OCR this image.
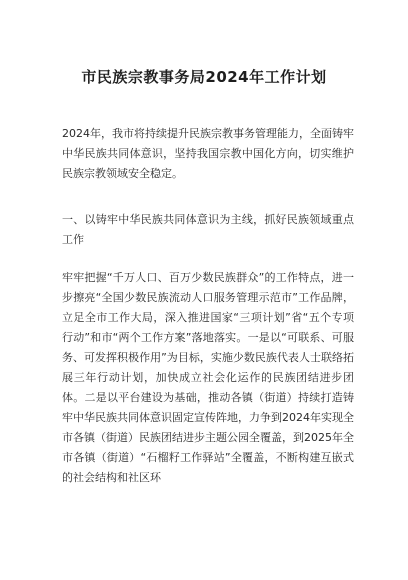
市民族宗教事务局2024年工作计划

2024年，我市将持续提升民族宗教事务管理能力，全面铸牢中华民族共同体意识，坚持我国宗教中国化方向，切实维护民族宗教领域安全稳定。

一、以铸牢中华民族共同体意识为主线，抓好民族领域重点工作

牢牢把握“千万人口、百万少数民族群众”的工作特点，进一步擦亮“全国少数民族流动人口服务管理示范市”工作品牌，立足全市工作大局，深入推进国家“三项计划”省“五个专项行动”和市“两个工作方案”落地落实。一是以“可联系、可服务、可发挥积极作用”为目标，实施少数民族代表人士联络拓展三年行动计划，加快成立社会化运作的民族团结进步团体。二是以平台建设为基础，推动各镇（街道）持续打造铸牢中华民族共同体意识固定宣传阵地，力争到2024年实现全市各镇（街道）民族团结进步主题公园全覆盖，到2025年全市各镇（街道）“石榴籽工作驿站”全覆盖，不断构建互嵌式的社会结构和社区环
